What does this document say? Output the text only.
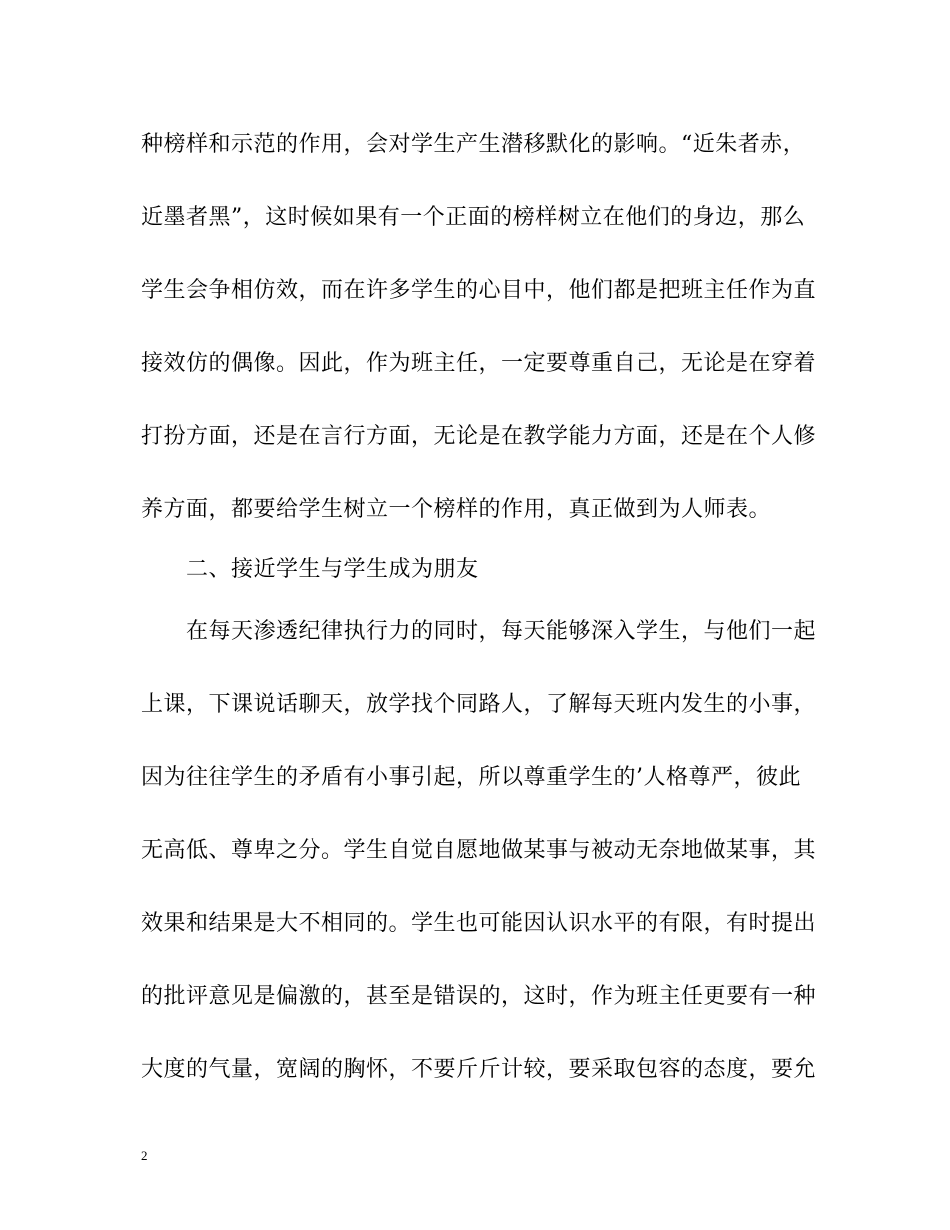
种榜样和示范的作用，会对学生产生潜移默化的影响。“近朱者赤，
近墨者黑”，这时候如果有一个正面的榜样树立在他们的身边，那么
学生会争相仿效，而在许多学生的心目中，他们都是把班主任作为直
接效仿的偶像。因此，作为班主任，一定要尊重自己，无论是在穿着
打扮方面，还是在言行方面，无论是在教学能力方面，还是在个人修
养方面，都要给学生树立一个榜样的作用，真正做到为人师表。
二、接近学生与学生成为朋友
在每天渗透纪律执行力的同时，每天能够深入学生，与他们一起
上课，下课说话聊天，放学找个同路人，了解每天班内发生的小事，
因为往往学生的矛盾有小事引起，所以尊重学生的’人格尊严，彼此
无高低、尊卑之分。学生自觉自愿地做某事与被动无奈地做某事，其
效果和结果是大不相同的。学生也可能因认识水平的有限，有时提出
的批评意见是偏激的，甚至是错误的，这时，作为班主任更要有一种
大度的气量，宽阔的胸怀，不要斤斤计较，要采取包容的态度，要允
2
